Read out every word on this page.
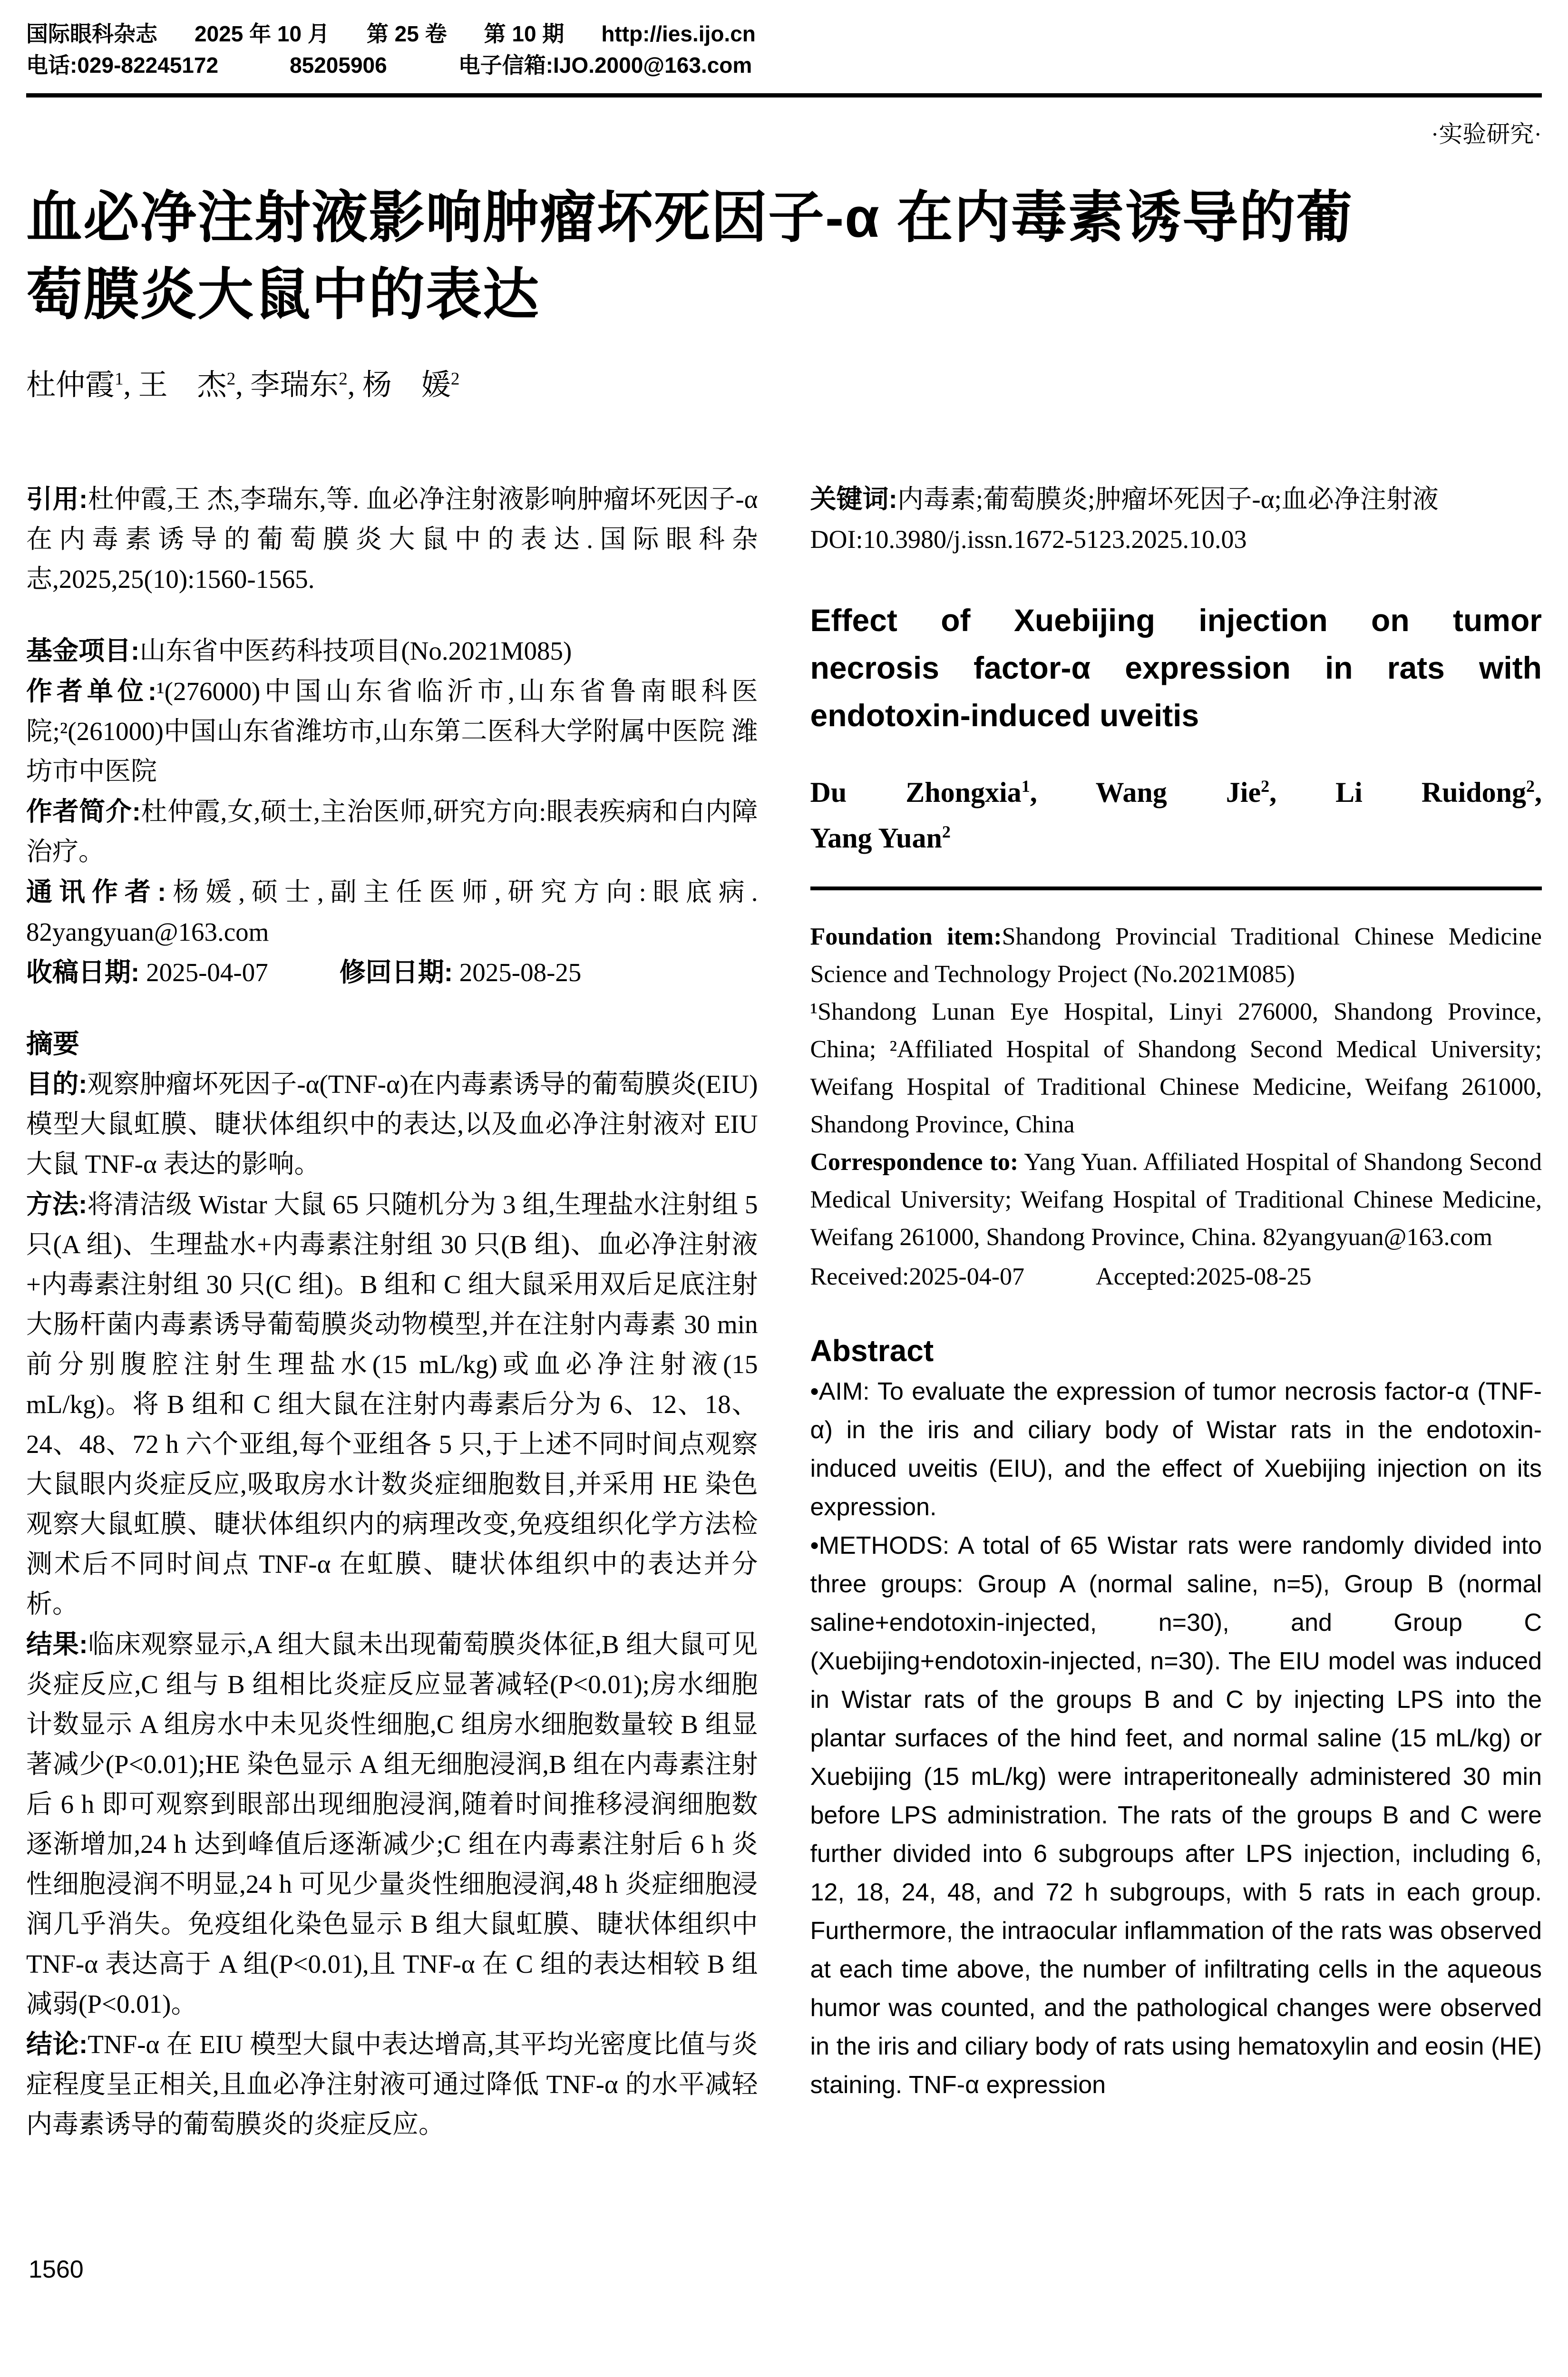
国际眼科杂志 2025 年 10 月 第 25 卷 第 10 期 http://ies.ijo.cn
电话:029-82245172	85205906	电子信箱:IJO.2000@163.com
·实验研究·
血必净注射液影响肿瘤坏死因子-α 在内毒素诱导的葡
萄膜炎大鼠中的表达
杜仲霞$^1$, 王　杰$^2$, 李瑞东$^2$, 杨　媛$^2$
引用:杜仲霞,王 杰,李瑞东,等. 血必净注射液影响肿瘤坏死因子-α 在内毒素诱导的葡萄膜炎大鼠中的表达.国际眼科杂志,2025,25(10):1560-1565.
基金项目:山东省中医药科技项目(No.2021M085)
作者单位:¹(276000)中国山东省临沂市,山东省鲁南眼科医院;²(261000)中国山东省潍坊市,山东第二医科大学附属中医院 潍坊市中医院
作者简介:杜仲霞,女,硕士,主治医师,研究方向:眼表疾病和白内障治疗。
通讯作者:杨媛,硕士,副主任医师,研究方向:眼底病. 82yangyuan@163.com
收稿日期: 2025-04-07	修回日期: 2025-08-25
摘要
目的:观察肿瘤坏死因子-α(TNF-α)在内毒素诱导的葡萄膜炎(EIU)模型大鼠虹膜、睫状体组织中的表达,以及血必净注射液对 EIU 大鼠 TNF-α 表达的影响。
方法:将清洁级 Wistar 大鼠 65 只随机分为 3 组,生理盐水注射组 5 只(A 组)、生理盐水+内毒素注射组 30 只(B 组)、血必净注射液+内毒素注射组 30 只(C 组)。B 组和 C 组大鼠采用双后足底注射大肠杆菌内毒素诱导葡萄膜炎动物模型,并在注射内毒素 30 min 前分别腹腔注射生理盐水(15 mL/kg)或血必净注射液(15 mL/kg)。将 B 组和 C 组大鼠在注射内毒素后分为 6、12、18、24、48、72 h 六个亚组,每个亚组各 5 只,于上述不同时间点观察大鼠眼内炎症反应,吸取房水计数炎症细胞数目,并采用 HE 染色观察大鼠虹膜、睫状体组织内的病理改变,免疫组织化学方法检测术后不同时间点 TNF-α 在虹膜、睫状体组织中的表达并分析。
结果:临床观察显示,A 组大鼠未出现葡萄膜炎体征,B 组大鼠可见炎症反应,C 组与 B 组相比炎症反应显著减轻(P<0.01);房水细胞计数显示 A 组房水中未见炎性细胞,C 组房水细胞数量较 B 组显著减少(P<0.01);HE 染色显示 A 组无细胞浸润,B 组在内毒素注射后 6 h 即可观察到眼部出现细胞浸润,随着时间推移浸润细胞数逐渐增加,24 h 达到峰值后逐渐减少;C 组在内毒素注射后 6 h 炎性细胞浸润不明显,24 h 可见少量炎性细胞浸润,48 h 炎症细胞浸润几乎消失。免疫组化染色显示 B 组大鼠虹膜、睫状体组织中 TNF-α 表达高于 A 组(P<0.01),且 TNF-α 在 C 组的表达相较 B 组减弱(P<0.01)。
结论:TNF-α 在 EIU 模型大鼠中表达增高,其平均光密度比值与炎症程度呈正相关,且血必净注射液可通过降低 TNF-α 的水平减轻内毒素诱导的葡萄膜炎的炎症反应。
关键词:内毒素;葡萄膜炎;肿瘤坏死因子-α;血必净注射液
DOI:10.3980/j.issn.1672-5123.2025.10.03
Effect of Xuebijing injection on tumor
necrosis factor-α expression in rats with
endotoxin-induced uveitis
Du Zhongxia$^1$, Wang Jie$^2$, Li Ruidong$^2$,
Yang Yuan$^2$
Foundation item:Shandong Provincial Traditional Chinese Medicine Science and Technology Project (No.2021M085)
¹Shandong Lunan Eye Hospital, Linyi 276000, Shandong Province, China; ²Affiliated Hospital of Shandong Second Medical University; Weifang Hospital of Traditional Chinese Medicine, Weifang 261000, Shandong Province, China
Correspondence to: Yang Yuan. Affiliated Hospital of Shandong Second Medical University; Weifang Hospital of Traditional Chinese Medicine, Weifang 261000, Shandong Province, China. 82yangyuan@163.com
Received:2025-04-07	Accepted:2025-08-25
Abstract
•AIM: To evaluate the expression of tumor necrosis factor-α (TNF-α) in the iris and ciliary body of Wistar rats in the endotoxin-induced uveitis (EIU), and the effect of Xuebijing injection on its expression.
•METHODS: A total of 65 Wistar rats were randomly divided into three groups: Group A (normal saline, n=5), Group B (normal saline+endotoxin-injected, n=30), and Group C (Xuebijing+endotoxin-injected, n=30). The EIU model was induced in Wistar rats of the groups B and C by injecting LPS into the plantar surfaces of the hind feet, and normal saline (15 mL/kg) or Xuebijing (15 mL/kg) were intraperitoneally administered 30 min before LPS administration. The rats of the groups B and C were further divided into 6 subgroups after LPS injection, including 6, 12, 18, 24, 48, and 72 h subgroups, with 5 rats in each group. Furthermore, the intraocular inflammation of the rats was observed at each time above, the number of infiltrating cells in the aqueous humor was counted, and the pathological changes were observed in the iris and ciliary body of rats using hematoxylin and eosin (HE) staining. TNF-α expression
1560
